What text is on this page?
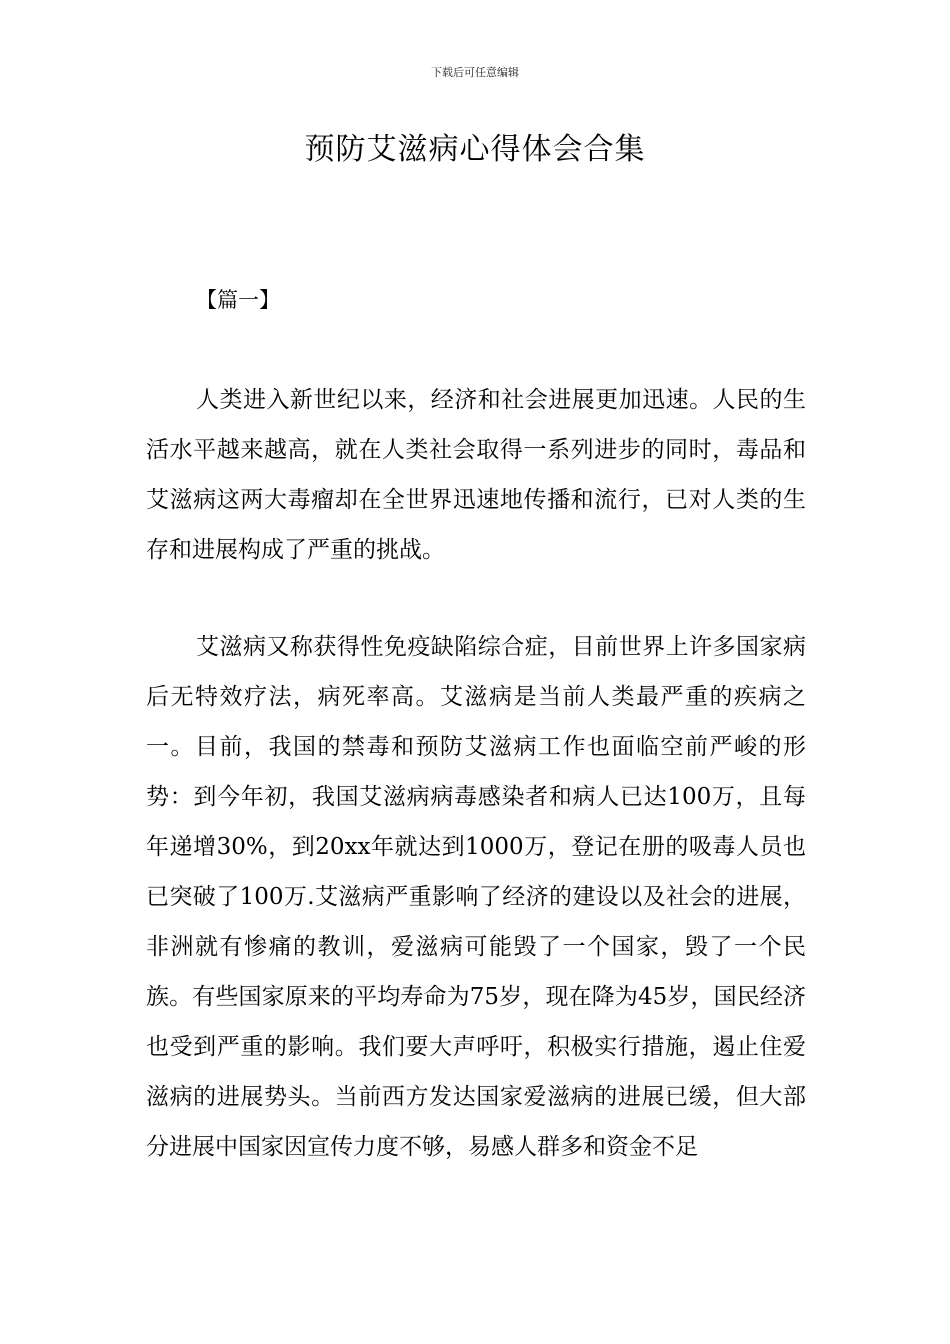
下载后可任意编辑
预防艾滋病心得体会合集
【篇一】

人类进入新世纪以来，经济和社会进展更加迅速。人民的生活水平越来越高，就在人类社会取得一系列进步的同时，毒品和艾滋病这两大毒瘤却在全世界迅速地传播和流行，已对人类的生存和进展构成了严重的挑战。

艾滋病又称获得性免疫缺陷综合症，目前世界上许多国家病后无特效疗法，病死率高。艾滋病是当前人类最严重的疾病之一。目前，我国的禁毒和预防艾滋病工作也面临空前严峻的形势：到今年初，我国艾滋病病毒感染者和病人已达100万，且每年递增30%，到20xx年就达到1000万，登记在册的吸毒人员也已突破了100万.艾滋病严重影响了经济的建设以及社会的进展，非洲就有惨痛的教训，爱滋病可能毁了一个国家，毁了一个民族。有些国家原来的平均寿命为75岁，现在降为45岁，国民经济也受到严重的影响。我们要大声呼吁，积极实行措施，遏止住爱滋病的进展势头。当前西方发达国家爱滋病的进展已缓，但大部分进展中国家因宣传力度不够，易感人群多和资金不足
